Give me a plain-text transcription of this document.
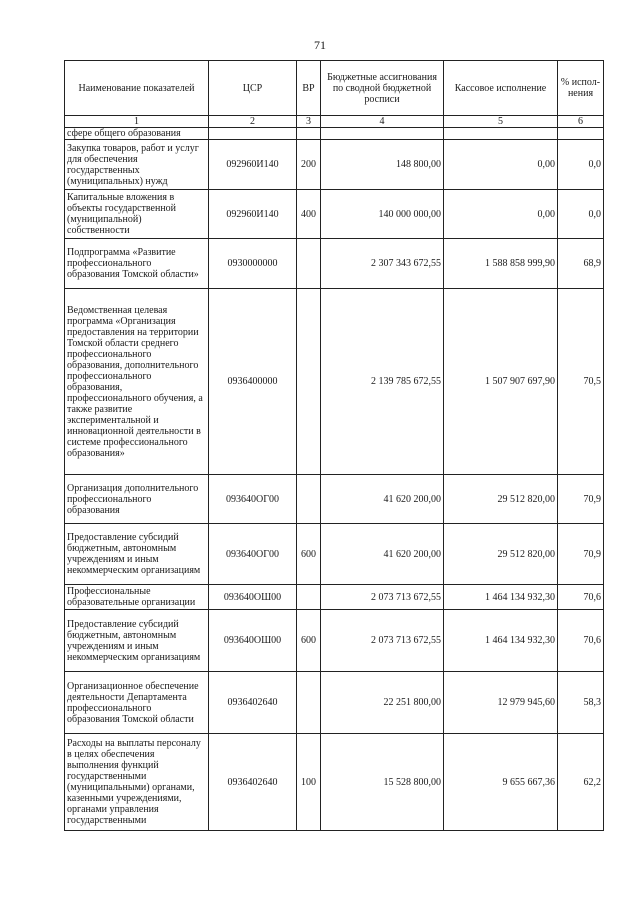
71
Наименование показателей	ЦСР	ВР	Бюджетные ассигнования по сводной бюджетной росписи	Кассовое исполнение	% испол-нения
1	2	3	4	5	6
сфере общего образования					
Закупка товаров, работ и услуг для обеспечения государственных (муниципальных) нужд	092960И140	200	148 800,00	0,00	0,0
Капитальные вложения в объекты государственной (муниципальной) собственности	092960И140	400	140 000 000,00	0,00	0,0
Подпрограмма «Развитие профессионального образования Томской области»	0930000000		2 307 343 672,55	1 588 858 999,90	68,9
Ведомственная целевая программа «Организация предоставления на территории Томской области среднего профессионального образования, дополнительного профессионального образования, профессионального обучения, а также развитие экспериментальной и инновационной деятельности в системе профессионального образования»	0936400000		2 139 785 672,55	1 507 907 697,90	70,5
Организация дополнительного профессионального образования	093640ОГ00		41 620 200,00	29 512 820,00	70,9
Предоставление субсидий бюджетным, автономным учреждениям и иным некоммерческим организациям	093640ОГ00	600	41 620 200,00	29 512 820,00	70,9
Профессиональные образовательные организации	093640ОШ00		2 073 713 672,55	1 464 134 932,30	70,6
Предоставление субсидий бюджетным, автономным учреждениям и иным некоммерческим организациям	093640ОШ00	600	2 073 713 672,55	1 464 134 932,30	70,6
Организационное обеспечение деятельности Департамента профессионального образования Томской области	0936402640		22 251 800,00	12 979 945,60	58,3
Расходы на выплаты персоналу в целях обеспечения выполнения функций государственными (муниципальными) органами, казенными учреждениями, органами управления государственными	0936402640	100	15 528 800,00	9 655 667,36	62,2
